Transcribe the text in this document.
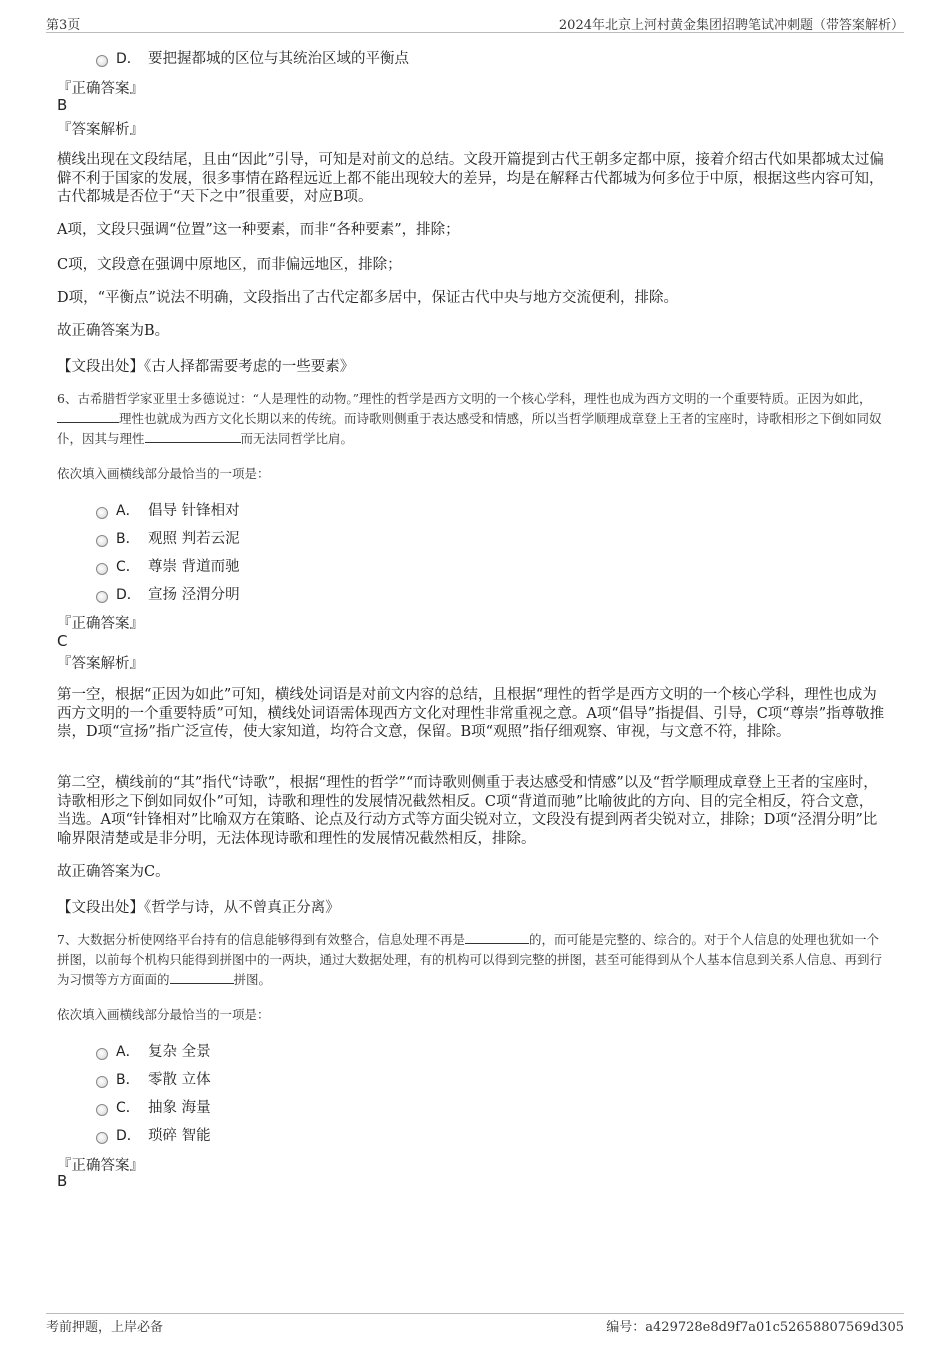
第3页	2024年北京上河村黄金集团招聘笔试冲刺题（带答案解析）
D． 要把握都城的区位与其统治区域的平衡点
『正确答案』
B
『答案解析』
横线出现在文段结尾，且由“因此”引导，可知是对前文的总结。文段开篇提到古代王朝多定都中原，接着介绍古代如果都城太过偏僻不利于国家的发展，很多事情在路程远近上都不能出现较大的差异，均是在解释古代都城为何多位于中原，根据这些内容可知，古代都城是否位于“天下之中”很重要，对应B项。
A项，文段只强调“位置”这一种要素，而非“各种要素”，排除；
C项，文段意在强调中原地区，而非偏远地区，排除；
D项，“平衡点”说法不明确，文段指出了古代定都多居中，保证古代中央与地方交流便利，排除。
故正确答案为B。
【文段出处】《古人择都需要考虑的一些要素》
6、古希腊哲学家亚里士多德说过：“人是理性的动物。”理性的哲学是西方文明的一个核心学科，理性也成为西方文明的一个重要特质。正因为如此，理性也就成为西方文化长期以来的传统。而诗歌则侧重于表达感受和情感，所以当哲学顺理成章登上王者的宝座时，诗歌相形之下倒如同奴仆，因其与理性	而无法同哲学比肩。
依次填入画横线部分最恰当的一项是：
A． 倡导 针锋相对
B． 观照 判若云泥
C． 尊崇 背道而驰
D． 宣扬 泾渭分明
『正确答案』
C
『答案解析』
第一空，根据“正因为如此”可知，横线处词语是对前文内容的总结，且根据“理性的哲学是西方文明的一个核心学科，理性也成为西方文明的一个重要特质”可知，横线处词语需体现西方文化对理性非常重视之意。A项“倡导”指提倡、引导，C项“尊崇”指尊敬推崇，D项“宣扬”指广泛宣传，使大家知道，均符合文意，保留。B项“观照”指仔细观察、审视，与文意不符，排除。
第二空，横线前的“其”指代“诗歌”，根据“理性的哲学”“而诗歌则侧重于表达感受和情感”以及“哲学顺理成章登上王者的宝座时，诗歌相形之下倒如同奴仆”可知，诗歌和理性的发展情况截然相反。C项“背道而驰”比喻彼此的方向、目的完全相反，符合文意，当选。A项“针锋相对”比喻双方在策略、论点及行动方式等方面尖锐对立，文段没有提到两者尖锐对立，排除；D项“泾渭分明”比喻界限清楚或是非分明，无法体现诗歌和理性的发展情况截然相反，排除。
故正确答案为C。
【文段出处】《哲学与诗，从不曾真正分离》
7、大数据分析使网络平台持有的信息能够得到有效整合，信息处理不再是	的，而可能是完整的、综合的。对于个人信息的处理也犹如一个拼图，以前每个机构只能得到拼图中的一两块，通过大数据处理，有的机构可以得到完整的拼图，甚至可能得到从个人基本信息到关系人信息、再到行为习惯等方方面面的	拼图。
依次填入画横线部分最恰当的一项是：
A． 复杂 全景
B． 零散 立体
C． 抽象 海量
D． 琐碎 智能
『正确答案』
B
考前押题，上岸必备	编号：a429728e8d9f7a01c52658807569d305
